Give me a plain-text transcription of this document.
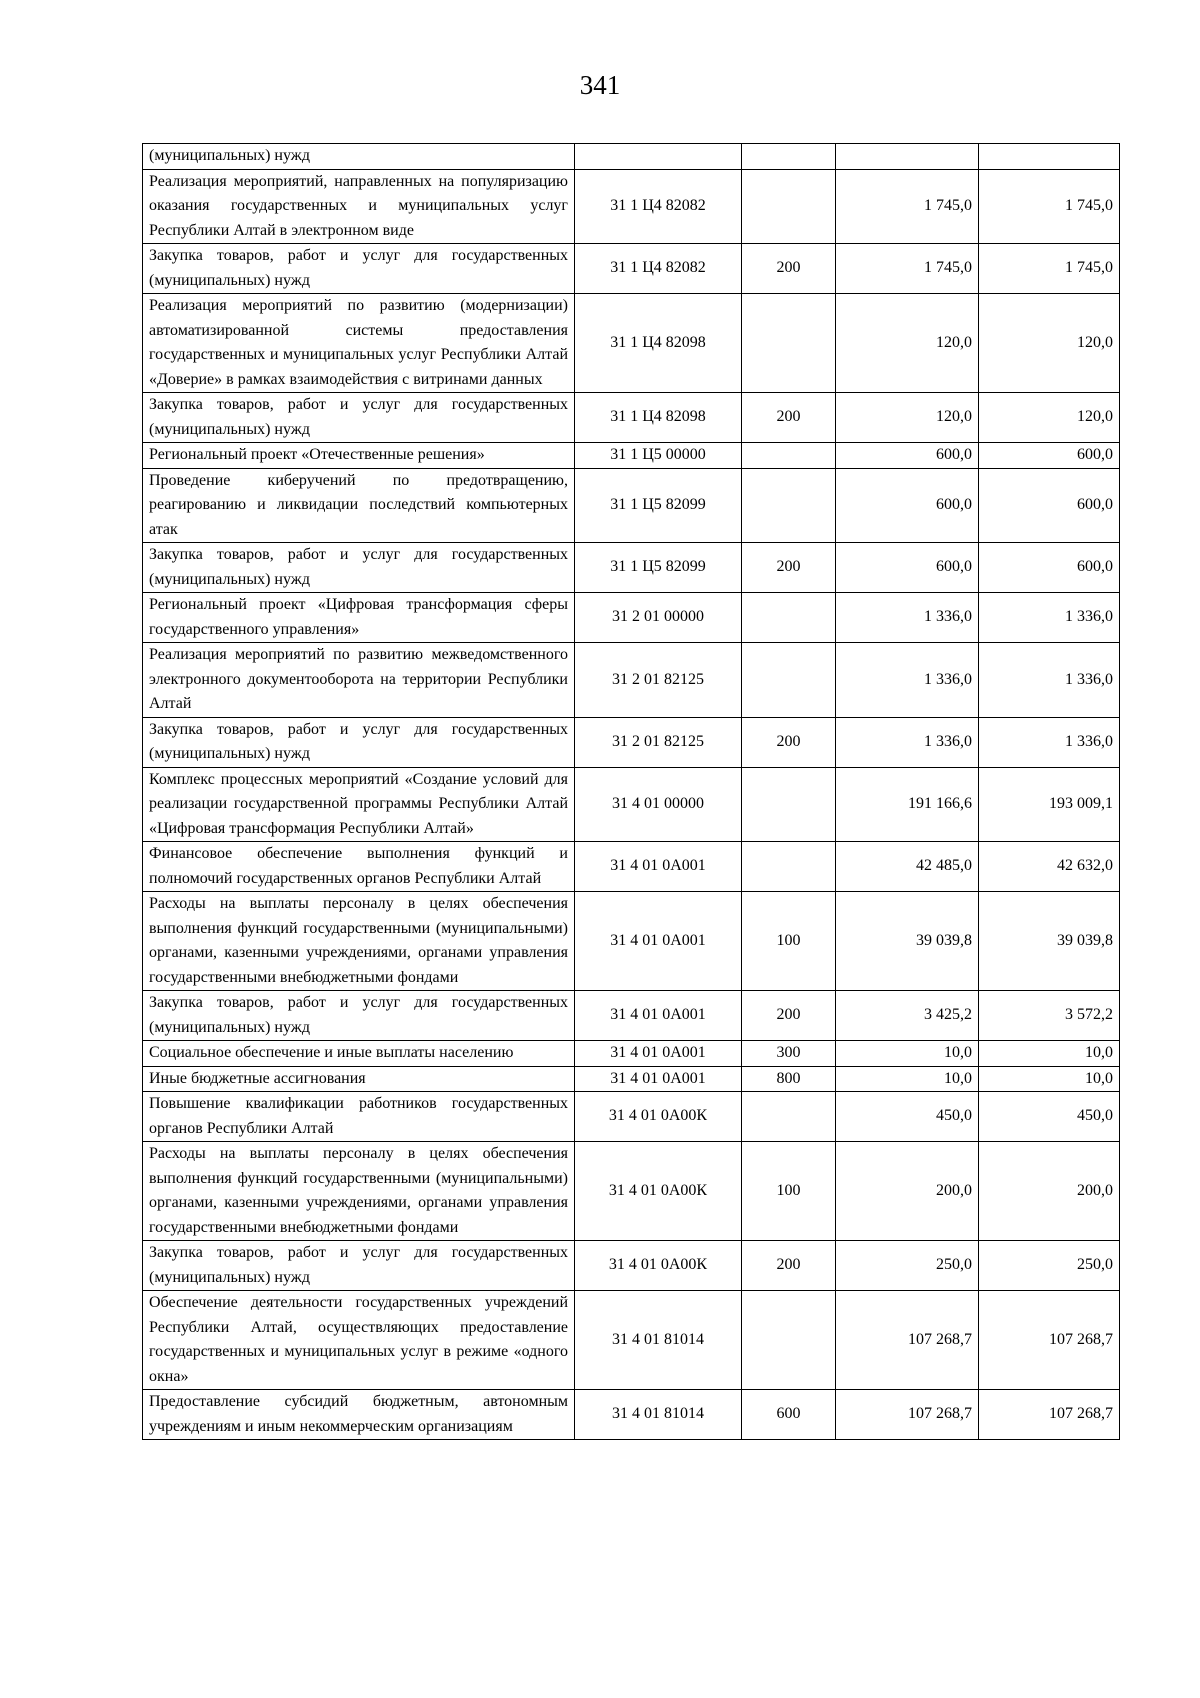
341
(муниципальных) нужд				
Реализация мероприятий, направленных на популяризацию оказания государственных и муниципальных услуг Республики Алтай в электронном виде	31 1 Ц4 82082		1 745,0	1 745,0
Закупка товаров, работ и услуг для государственных (муниципальных) нужд	31 1 Ц4 82082	200	1 745,0	1 745,0
Реализация мероприятий по развитию (модернизации) автоматизированной системы предоставления государственных и муниципальных услуг Республики Алтай «Доверие» в рамках взаимодействия с витринами данных	31 1 Ц4 82098		120,0	120,0
Закупка товаров, работ и услуг для государственных (муниципальных) нужд	31 1 Ц4 82098	200	120,0	120,0
Региональный проект «Отечественные решения»	31 1 Ц5 00000		600,0	600,0
Проведение киберучений по предотвращению, реагированию и ликвидации последствий компьютерных атак	31 1 Ц5 82099		600,0	600,0
Закупка товаров, работ и услуг для государственных (муниципальных) нужд	31 1 Ц5 82099	200	600,0	600,0
Региональный проект «Цифровая трансформация сферы государственного управления»	31 2 01 00000		1 336,0	1 336,0
Реализация мероприятий по развитию межведомственного электронного документооборота на территории Республики Алтай	31 2 01 82125		1 336,0	1 336,0
Закупка товаров, работ и услуг для государственных (муниципальных) нужд	31 2 01 82125	200	1 336,0	1 336,0
Комплекс процессных мероприятий «Создание условий для реализации государственной программы Республики Алтай «Цифровая трансформация Республики Алтай»	31 4 01 00000		191 166,6	193 009,1
Финансовое обеспечение выполнения функций и полномочий государственных органов Республики Алтай	31 4 01 0А001		42 485,0	42 632,0
Расходы на выплаты персоналу в целях обеспечения выполнения функций государственными (муниципальными) органами, казенными учреждениями, органами управления государственными внебюджетными фондами	31 4 01 0А001	100	39 039,8	39 039,8
Закупка товаров, работ и услуг для государственных (муниципальных) нужд	31 4 01 0А001	200	3 425,2	3 572,2
Социальное обеспечение и иные выплаты населению	31 4 01 0А001	300	10,0	10,0
Иные бюджетные ассигнования	31 4 01 0А001	800	10,0	10,0
Повышение квалификации работников государственных органов Республики Алтай	31 4 01 0А00К		450,0	450,0
Расходы на выплаты персоналу в целях обеспечения выполнения функций государственными (муниципальными) органами, казенными учреждениями, органами управления государственными внебюджетными фондами	31 4 01 0А00К	100	200,0	200,0
Закупка товаров, работ и услуг для государственных (муниципальных) нужд	31 4 01 0А00К	200	250,0	250,0
Обеспечение деятельности государственных учреждений Республики Алтай, осуществляющих предоставление государственных и муниципальных услуг в режиме «одного окна»	31 4 01 81014		107 268,7	107 268,7
Предоставление субсидий бюджетным, автономным учреждениям и иным некоммерческим организациям	31 4 01 81014	600	107 268,7	107 268,7
